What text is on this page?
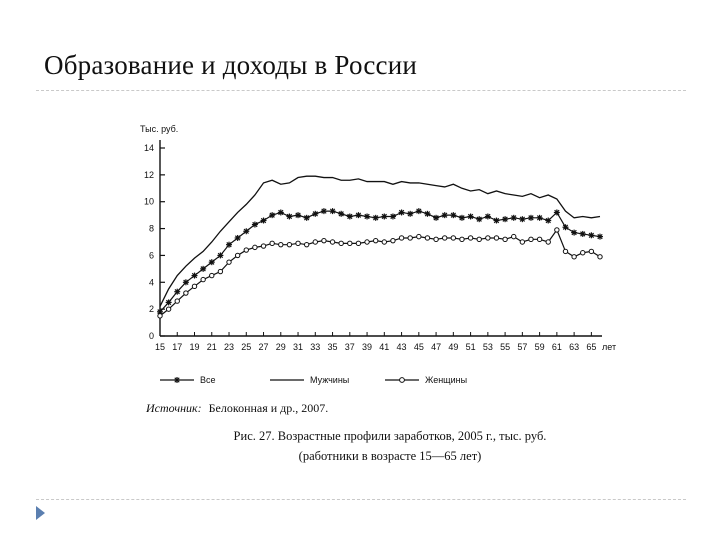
Образование и доходы в России
Тыс. руб.
0
2
4
6
8
10
12
14
15 17 19 21 23 25 27 29 31 33 35 37 39 41 43 45 47 49 51 53 55 57 59 61 63 65 лет
Все	Мужчины	Женщины
Источник: Белоконная и др., 2007.
Рис. 27. Возрастные профили заработков, 2005 г., тыс. руб.
(работники в возрасте 15—65 лет)
